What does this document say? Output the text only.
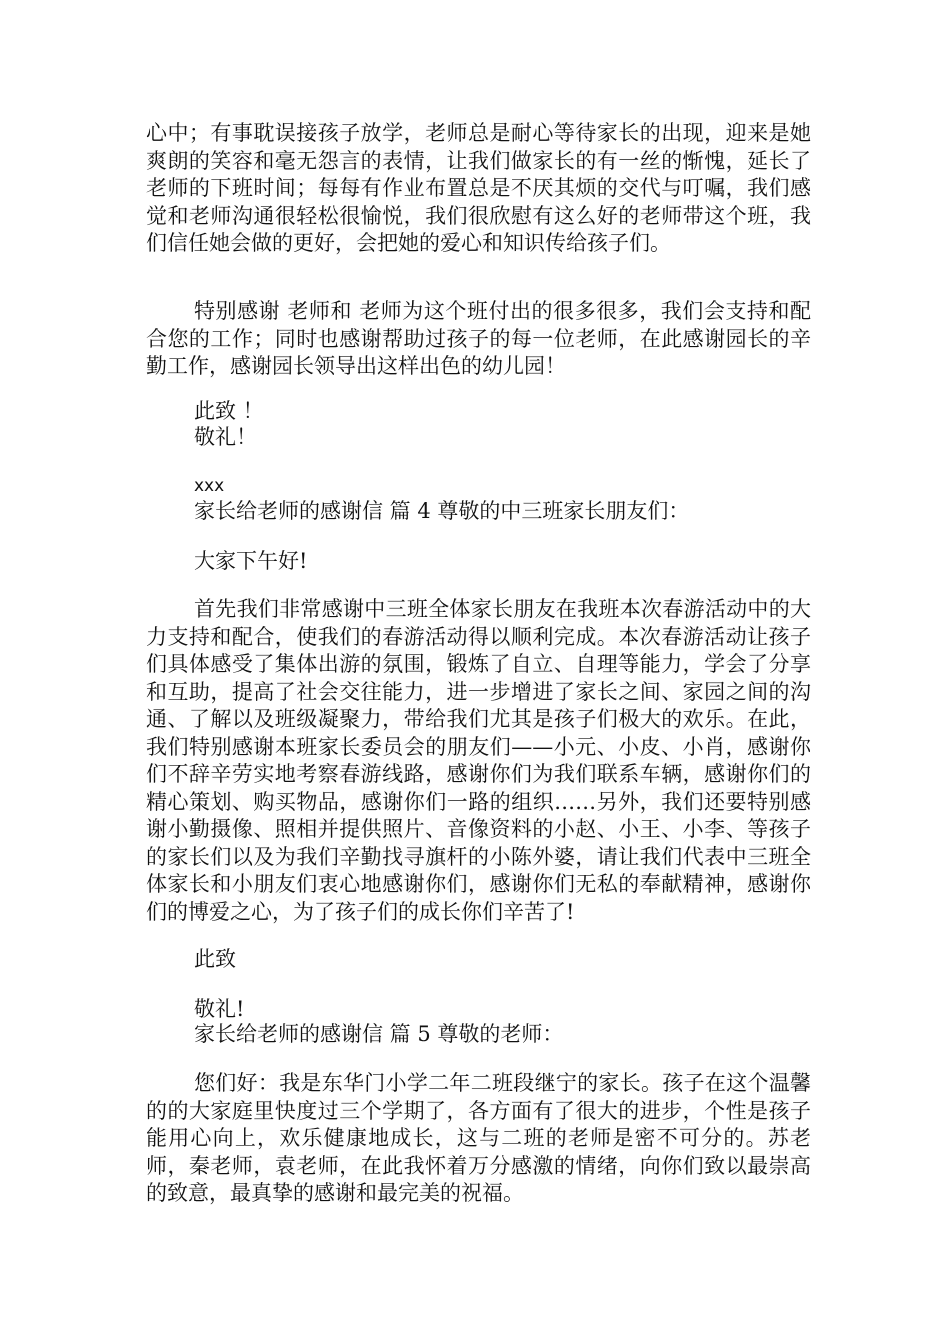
心中；有事耽误接孩子放学，老师总是耐心等待家长的出现，迎来是她爽朗的笑容和毫无怨言的表情，让我们做家长的有一丝的惭愧，延长了老师的下班时间；每每有作业布置总是不厌其烦的交代与叮嘱，我们感觉和老师沟通很轻松很愉悦，我们很欣慰有这么好的老师带这个班，我们信任她会做的更好，会把她的爱心和知识传给孩子们。

特别感谢 老师和 老师为这个班付出的很多很多，我们会支持和配合您的工作；同时也感谢帮助过孩子的每一位老师，在此感谢园长的辛勤工作，感谢园长领导出这样出色的幼儿园！

此致 ！

敬礼！

xxx

家长给老师的感谢信 篇 4 尊敬的中三班家长朋友们：

大家下午好!

首先我们非常感谢中三班全体家长朋友在我班本次春游活动中的大力支持和配合，使我们的春游活动得以顺利完成。本次春游活动让孩子们具体感受了集体出游的氛围，锻炼了自立、自理等能力，学会了分享和互助，提高了社会交往能力，进一步增进了家长之间、家园之间的沟通、了解以及班级凝聚力，带给我们尤其是孩子们极大的欢乐。在此，我们特别感谢本班家长委员会的朋友们——小元、小皮、小肖，感谢你们不辞辛劳实地考察春游线路，感谢你们为我们联系车辆，感谢你们的精心策划、购买物品，感谢你们一路的组织……另外，我们还要特别感谢小勤摄像、照相并提供照片、音像资料的小赵、小王、小李、等孩子的家长们以及为我们辛勤找寻旗杆的小陈外婆，请让我们代表中三班全体家长和小朋友们衷心地感谢你们，感谢你们无私的奉献精神，感谢你们的博爱之心，为了孩子们的成长你们辛苦了!

此致

敬礼!

家长给老师的感谢信 篇 5 尊敬的老师：

您们好：我是东华门小学二年二班段继宁的家长。孩子在这个温馨的的大家庭里快度过三个学期了，各方面有了很大的进步，个性是孩子能用心向上，欢乐健康地成长，这与二班的老师是密不可分的。苏老师，秦老师，袁老师，在此我怀着万分感激的情绪，向你们致以最崇高的致意，最真挚的感谢和最完美的祝福。
